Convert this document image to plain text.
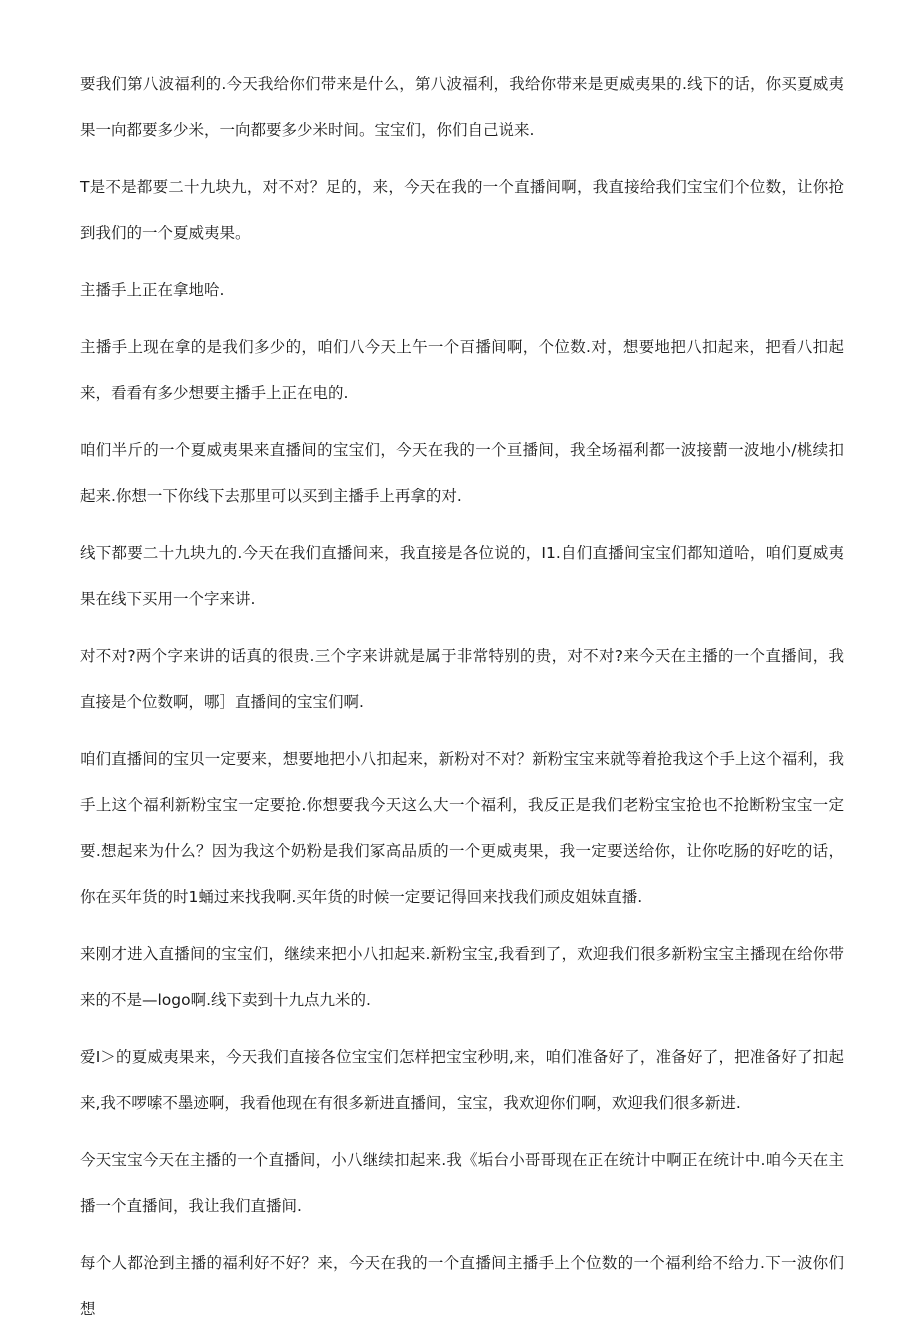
要我们第八波福利的.今天我给你们带来是什么，第八波福利，我给你带来是更威夷果的.线下的话，你买夏威夷果一向都要多少米，一向都要多少米时间。宝宝们，你们自己说来.

T是不是都要二十九块九，对不对？足的，来，今天在我的一个直播间啊，我直接给我们宝宝们个位数，让你抢到我们的一个夏威夷果。

主播手上正在拿地哈.

主播手上现在拿的是我们多少的，咱们八今天上午一个百播间啊，个位数.对，想要地把八扣起来，把看八扣起来，看看有多少想要主播手上正在电的.

咱们半斤的一个夏威夷果来直播间的宝宝们，今天在我的一个亘播间，我全场福利都一波接藅一波地小/桃续扣起来.你想一下你线下去那里可以买到主播手上再拿的对.

线下都要二十九块九的.今天在我们直播间来，我直接是各位说的，I1.自们直播间宝宝们都知道哈，咱们夏威夷果在线下买用一个字来讲.

对不对?两个字来讲的话真的很贵.三个字来讲就是属于非常特别的贵，对不对?来今天在主播的一个直播间，我直接是个位数啊，哪］直播间的宝宝们啊.

咱们直播间的宝贝一定要来，想要地把小八扣起来，新粉对不对？新粉宝宝来就等着抢我这个手上这个福利，我手上这个福利新粉宝宝一定要抢.你想要我今天这么大一个福利，我反正是我们老粉宝宝抢也不抢断粉宝宝一定要.想起来为什么？因为我这个奶粉是我们冢高品质的一个更威夷果，我一定要送给你，让你吃肠的好吃的话，你在买年货的时1蛹过来找我啊.买年货的时候一定要记得回来找我们顽皮姐妹直播.

来刚才进入直播间的宝宝们，继续来把小八扣起来.新粉宝宝,我看到了，欢迎我们很多新粉宝宝主播现在给你带来的不是—logo啊.线下卖到十九点九米的.

爱I＞的夏威夷果来，今天我们直接各位宝宝们怎样把宝宝秒明,来，咱们准备好了，准备好了，把准备好了扣起来,我不啰嗦不墨迹啊，我看他现在有很多新进直播间，宝宝，我欢迎你们啊，欢迎我们很多新进.

今天宝宝今天在主播的一个直播间，小八继续扣起来.我《垢台小哥哥现在正在统计中啊正在统计中.咱今天在主播一个直播间，我让我们直播间.

每个人都沧到主播的福利好不好？来，今天在我的一个直播间主播手上个位数的一个福利给不给力.下一波你们想
